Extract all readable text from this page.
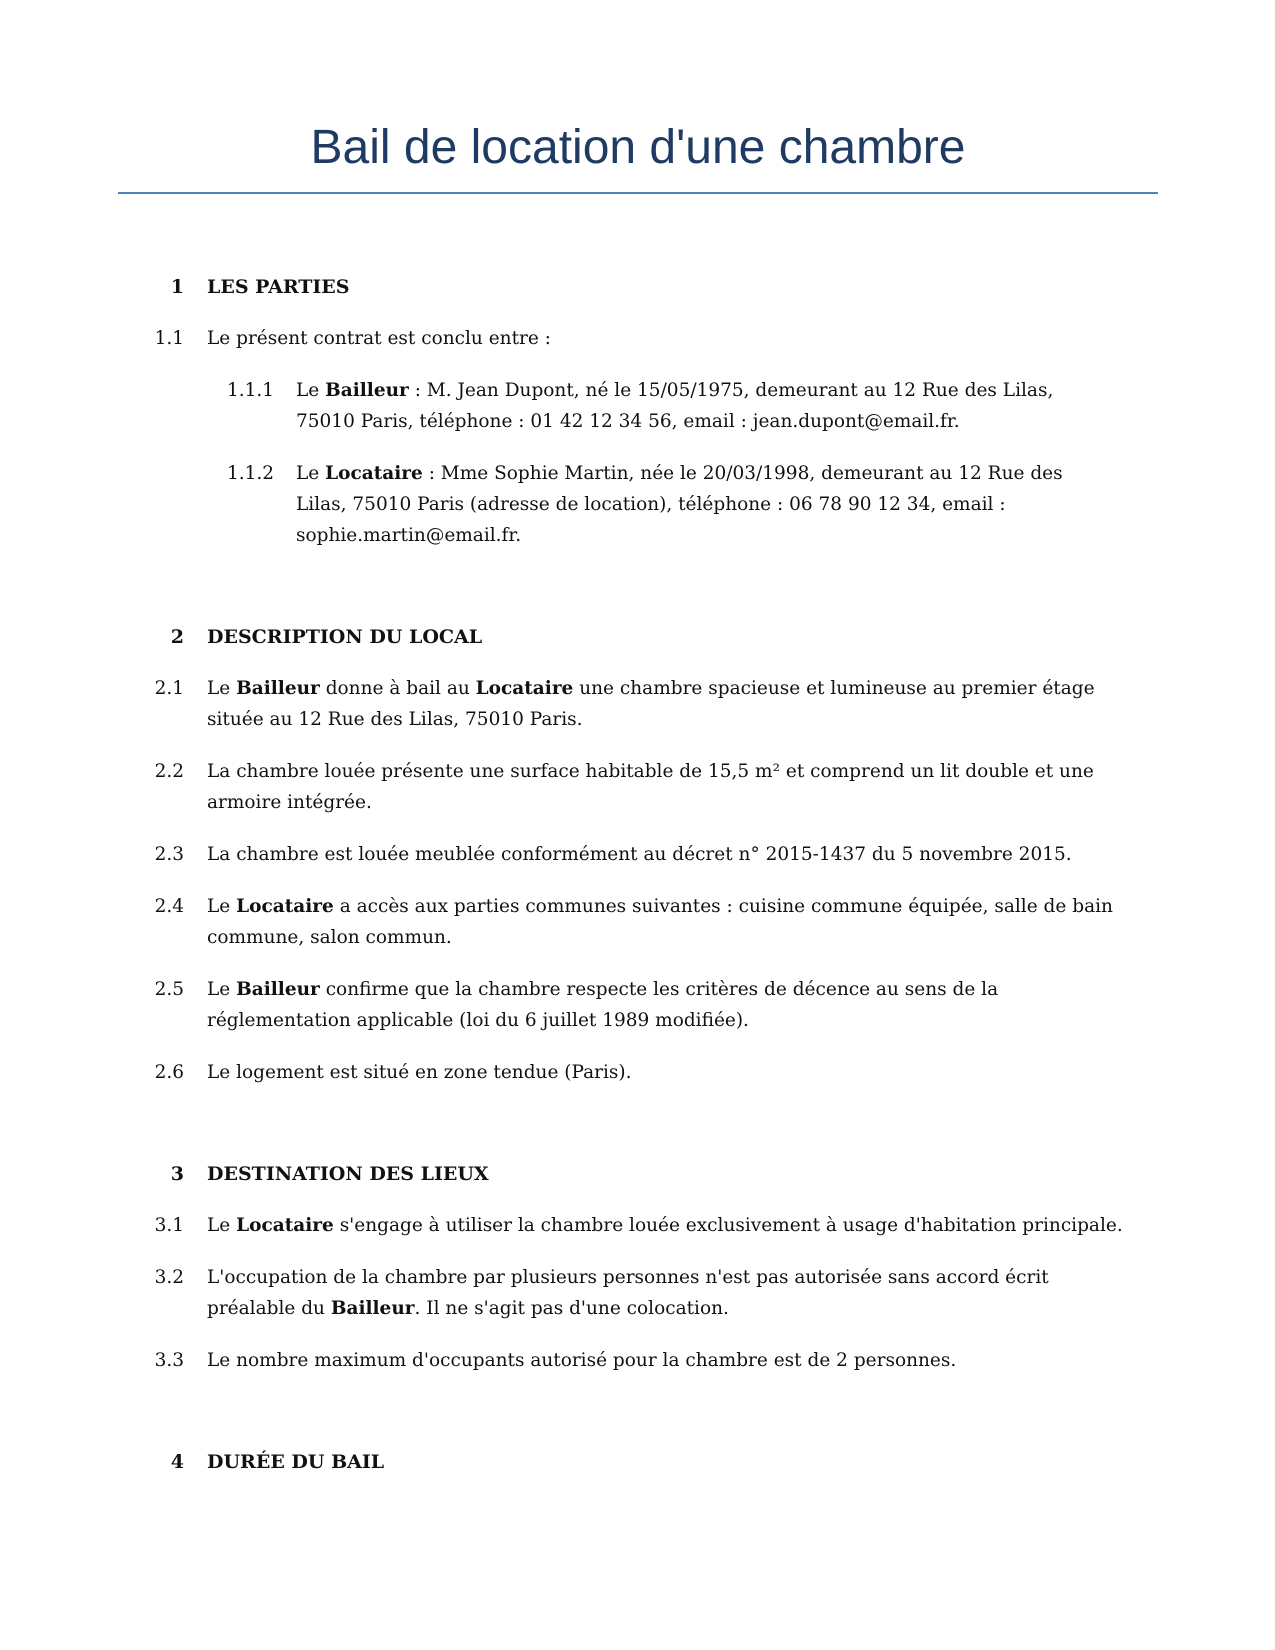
Bail de location d'une chambre
1 LES PARTIES
1.1 Le présent contrat est conclu entre :
1.1.1 Le Bailleur : M. Jean Dupont, né le 15/05/1975, demeurant au 12 Rue des Lilas, 75010 Paris, téléphone : 01 42 12 34 56, email : jean.dupont@email.fr.
1.1.2 Le Locataire : Mme Sophie Martin, née le 20/03/1998, demeurant au 12 Rue des Lilas, 75010 Paris (adresse de location), téléphone : 06 78 90 12 34, email : sophie.martin@email.fr.
2 DESCRIPTION DU LOCAL
2.1 Le Bailleur donne à bail au Locataire une chambre spacieuse et lumineuse au premier étage située au 12 Rue des Lilas, 75010 Paris.
2.2 La chambre louée présente une surface habitable de 15,5 m² et comprend un lit double et une armoire intégrée.
2.3 La chambre est louée meublée conformément au décret n° 2015-1437 du 5 novembre 2015.
2.4 Le Locataire a accès aux parties communes suivantes : cuisine commune équipée, salle de bain commune, salon commun.
2.5 Le Bailleur confirme que la chambre respecte les critères de décence au sens de la réglementation applicable (loi du 6 juillet 1989 modifiée).
2.6 Le logement est situé en zone tendue (Paris).
3 DESTINATION DES LIEUX
3.1 Le Locataire s'engage à utiliser la chambre louée exclusivement à usage d'habitation principale.
3.2 L'occupation de la chambre par plusieurs personnes n'est pas autorisée sans accord écrit préalable du Bailleur. Il ne s'agit pas d'une colocation.
3.3 Le nombre maximum d'occupants autorisé pour la chambre est de 2 personnes.
4 DURÉE DU BAIL
